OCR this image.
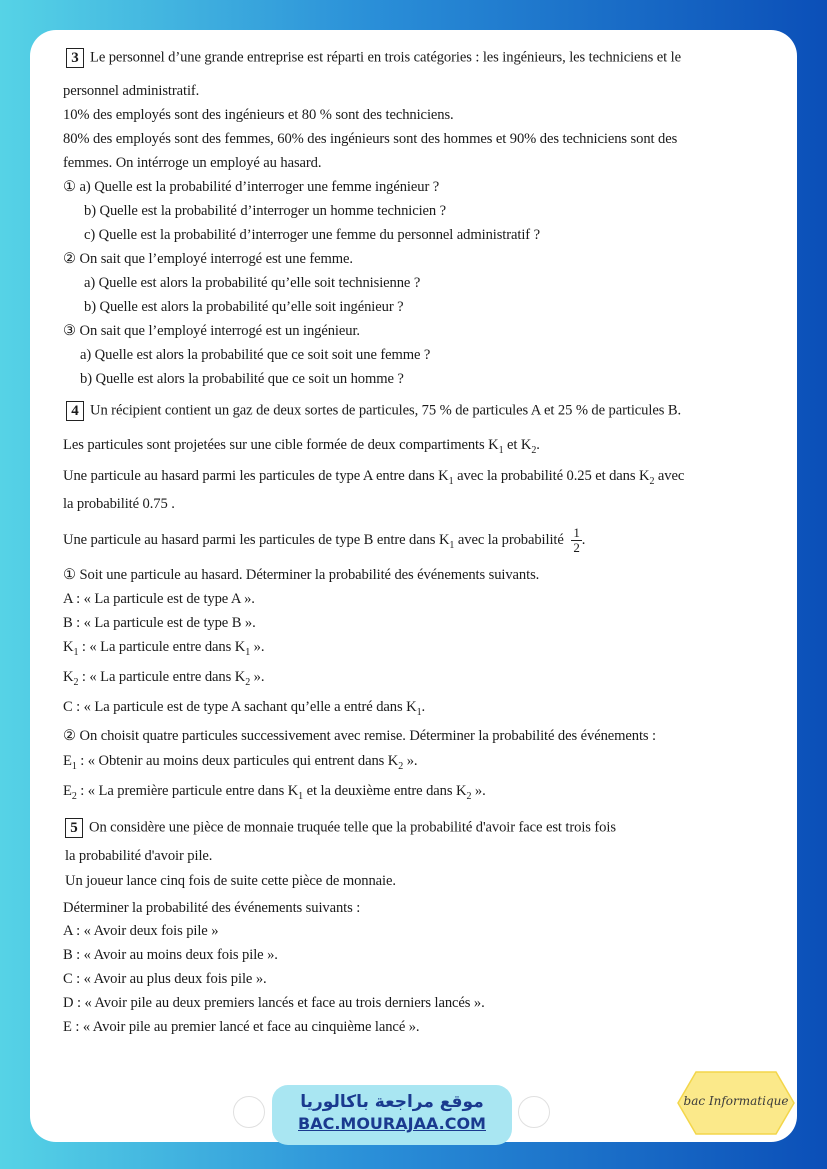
3 Le personnel d’une grande entreprise est réparti en trois catégories : les ingénieurs, les techniciens et le
personnel administratif.
10% des employés sont des ingénieurs et 80 % sont des techniciens.
80% des employés sont des femmes, 60% des ingénieurs sont des hommes et 90% des techniciens sont des
femmes. On intérroge un employé au hasard.
① a) Quelle est la probabilité d’interroger une femme ingénieur ?
b) Quelle est la probabilité d’interroger un homme technicien ?
c) Quelle est la probabilité d’interroger une femme du personnel administratif ?
② On sait que l’employé interrogé est une femme.
a) Quelle est alors la probabilité qu’elle soit technisienne ?
b) Quelle est alors la probabilité qu’elle soit ingénieur ?
③ On sait que l’employé interrogé est un ingénieur.
a) Quelle est alors la probabilité que ce soit soit une femme ?
b) Quelle est alors la probabilité que ce soit un homme ?
4 Un récipient contient un gaz de deux sortes de particules, 75 % de particules A et 25 % de particules B.
Les particules sont projetées sur une cible formée de deux compartiments $K_1$ et $K_2$.
Une particule au hasard parmi les particules de type A entre dans $K_1$ avec la probabilité 0.25 et dans $K_2$ avec
la probabilité 0.75 .
Une particule au hasard parmi les particules de type B entre dans $K_1$ avec la probabilité $\frac{1}{2}$ .
① Soit une particule au hasard. Déterminer la probabilité des événements suivants.
A : « La particule est de type A ».
B : « La particule est de type B ».
$K_1$ : « La particule entre dans $K_1$ ».
$K_2$ : « La particule entre dans $K_2$ ».
C : « La particule est de type A sachant qu’elle a entré dans $K_1$.
② On choisit quatre particules successivement avec remise. Déterminer la probabilité des événements :
$E_1$ : « Obtenir au moins deux particules qui entrent dans $K_2$ ».
$E_2$ : « La première particule entre dans $K_1$ et la deuxième entre dans $K_2$ ».
5 On considère une pièce de monnaie truquée telle que la probabilité d'avoir face est trois fois
la probabilité d'avoir pile.
Un joueur lance cinq fois de suite cette pièce de monnaie.
Déterminer la probabilité des événements suivants :
A : « Avoir deux fois pile »
B : « Avoir au moins deux fois pile ».
C : « Avoir au plus deux fois pile ».
D : « Avoir pile au deux premiers lancés et face au trois derniers lancés ».
E : « Avoir pile au premier lancé et face au cinquième lancé ».
موقع مراجعة باكالوريا
BAC.MOURAJAA.COM
bac Informatique
